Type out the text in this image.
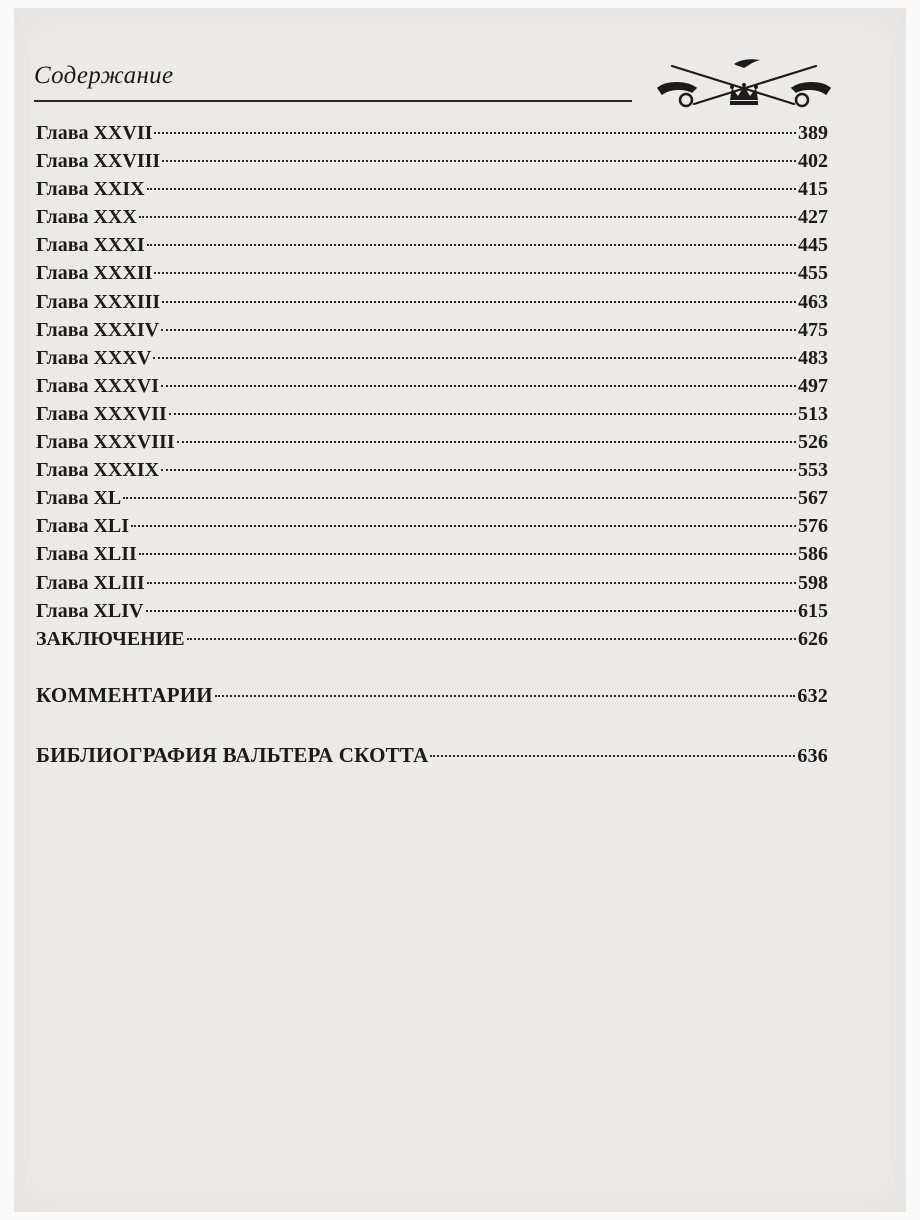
Содержание
Глава XXVII	389
Глава XXVIII	402
Глава XXIX	415
Глава XXX	427
Глава XXXI	445
Глава XXXII	455
Глава XXXIII	463
Глава XXXIV	475
Глава XXXV	483
Глава XXXVI	497
Глава XXXVII	513
Глава XXXVIII	526
Глава XXXIX	553
Глава XL	567
Глава XLI	576
Глава XLII	586
Глава XLIII	598
Глава XLIV	615
ЗАКЛЮЧЕНИЕ	626
КОММЕНТАРИИ	632
БИБЛИОГРАФИЯ ВАЛЬТЕРА СКОТТА	636
